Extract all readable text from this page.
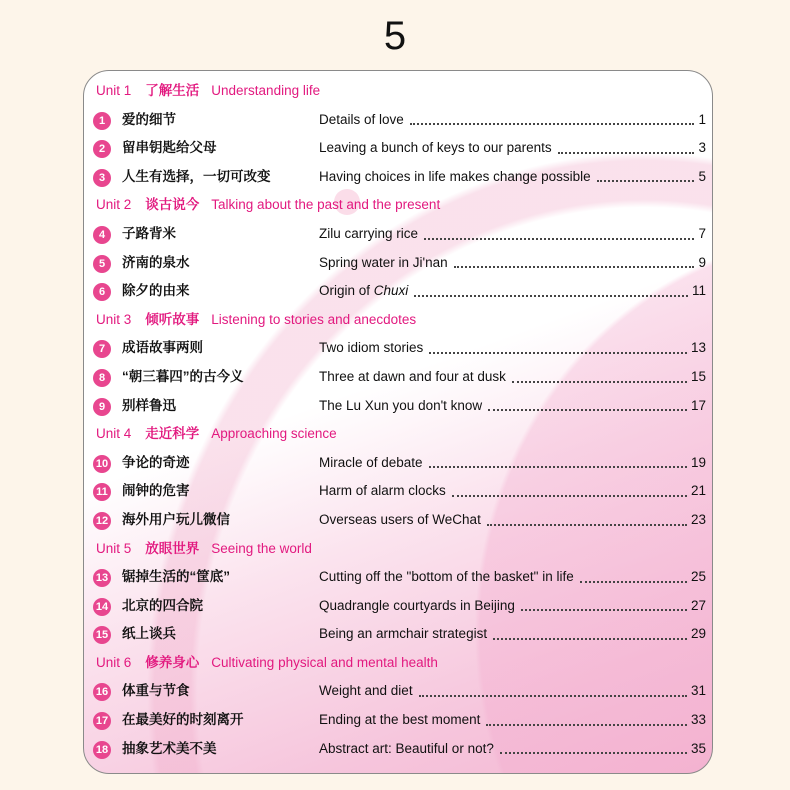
5
Unit 1 了解生活 Understanding life
1	爱的细节	Details of love	1
2	留串钥匙给父母	Leaving a bunch of keys to our parents	3
3	人生有选择，一切可改变	Having choices in life makes change possible	5
Unit 2 谈古说今 Talking about the past and the present
4	子路背米	Zilu carrying rice	7
5	济南的泉水	Spring water in Ji'nan	9
6	除夕的由来	Origin of Chuxi	11
Unit 3 倾听故事 Listening to stories and anecdotes
7	成语故事两则	Two idiom stories	13
8	“朝三暮四”的古今义	Three at dawn and four at dusk	15
9	别样鲁迅	The Lu Xun you don't know	17
Unit 4 走近科学 Approaching science
10 争论的奇迹	Miracle of debate	19
11 闹钟的危害	Harm of alarm clocks	21
12 海外用户玩儿微信	Overseas users of WeChat	23
Unit 5 放眼世界 Seeing the world
13 锯掉生活的“筐底”	Cutting off the "bottom of the basket" in life	25
14 北京的四合院	Quadrangle courtyards in Beijing	27
15 纸上谈兵	Being an armchair strategist	29
Unit 6 修养身心 Cultivating physical and mental health
16 体重与节食	Weight and diet	31
17 在最美好的时刻离开	Ending at the best moment	33
18 抽象艺术美不美	Abstract art: Beautiful or not?	35
